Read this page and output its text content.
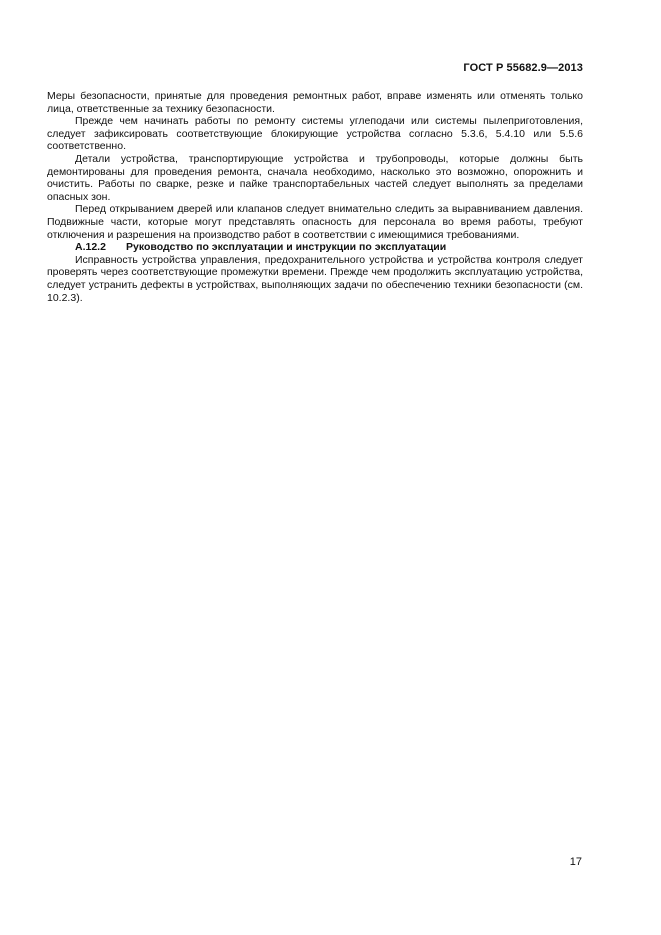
ГОСТ Р 55682.9—2013

Меры безопасности, принятые для проведения ремонтных работ, вправе изменять или отменять только лица, ответственные за технику безопасности.

Прежде чем начинать работы по ремонту системы углеподачи или системы пылеприготовления, следует зафиксировать соответствующие блокирующие устройства согласно 5.3.6, 5.4.10 или 5.5.6 соответственно.

Детали устройства, транспортирующие устройства и трубопроводы, которые должны быть демонтированы для проведения ремонта, сначала необходимо, насколько это возможно, опорожнить и очистить. Работы по сварке, резке и пайке транспортабельных частей следует выполнять за пределами опасных зон.

Перед открыванием дверей или клапанов следует внимательно следить за выравниванием давления. Подвижные части, которые могут представлять опасность для персонала во время работы, требуют отключения и разрешения на производство работ в соответствии с имеющимися требованиями.

А.12.2 Руководство по эксплуатации и инструкции по эксплуатации

Исправность устройства управления, предохранительного устройства и устройства контроля следует проверять через соответствующие промежутки времени. Прежде чем продолжить эксплуатацию устройства, следует устранить дефекты в устройствах, выполняющих задачи по обеспечению техники безопасности (см. 10.2.3).

17
